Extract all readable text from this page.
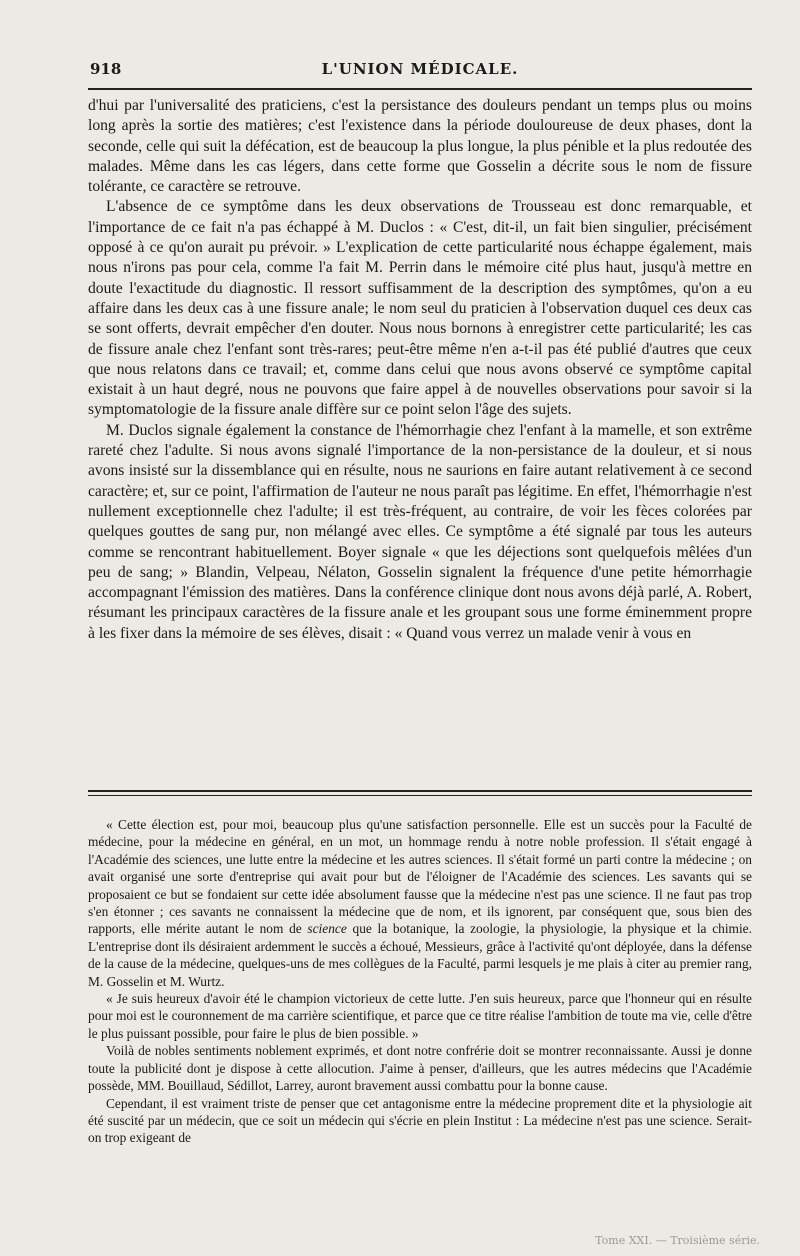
918	L'UNION MÉDICALE.

d'hui par l'universalité des praticiens, c'est la persistance des douleurs pendant un temps plus ou moins long après la sortie des matières; c'est l'existence dans la période douloureuse de deux phases, dont la seconde, celle qui suit la défécation, est de beaucoup la plus longue, la plus pénible et la plus redoutée des malades. Même dans les cas légers, dans cette forme que Gosselin a décrite sous le nom de fissure tolérante, ce caractère se retrouve.

L'absence de ce symptôme dans les deux observations de Trousseau est donc remarquable, et l'importance de ce fait n'a pas échappé à M. Duclos : « C'est, dit-il, un fait bien singulier, précisément opposé à ce qu'on aurait pu prévoir. » L'explication de cette particularité nous échappe également, mais nous n'irons pas pour cela, comme l'a fait M. Perrin dans le mémoire cité plus haut, jusqu'à mettre en doute l'exactitude du diagnostic. Il ressort suffisamment de la description des symptômes, qu'on a eu affaire dans les deux cas à une fissure anale; le nom seul du praticien à l'observation duquel ces deux cas se sont offerts, devrait empêcher d'en douter. Nous nous bornons à enregistrer cette particularité; les cas de fissure anale chez l'enfant sont très-rares; peut-être même n'en a-t-il pas été publié d'autres que ceux que nous relatons dans ce travail; et, comme dans celui que nous avons observé ce symptôme capital existait à un haut degré, nous ne pouvons que faire appel à de nouvelles observations pour savoir si la symptomatologie de la fissure anale diffère sur ce point selon l'âge des sujets.

M. Duclos signale également la constance de l'hémorrhagie chez l'enfant à la mamelle, et son extrême rareté chez l'adulte. Si nous avons signalé l'importance de la non-persistance de la douleur, et si nous avons insisté sur la dissemblance qui en résulte, nous ne saurions en faire autant relativement à ce second caractère; et, sur ce point, l'affirmation de l'auteur ne nous paraît pas légitime. En effet, l'hémorrhagie n'est nullement exceptionnelle chez l'adulte; il est très-fréquent, au contraire, de voir les fèces colorées par quelques gouttes de sang pur, non mélangé avec elles. Ce symptôme a été signalé par tous les auteurs comme se rencontrant habituellement. Boyer signale « que les déjections sont quelquefois mêlées d'un peu de sang; » Blandin, Velpeau, Nélaton, Gosselin signalent la fréquence d'une petite hémorrhagie accompagnant l'émission des matières. Dans la conférence clinique dont nous avons déjà parlé, A. Robert, résumant les principaux caractères de la fissure anale et les groupant sous une forme éminemment propre à les fixer dans la mémoire de ses élèves, disait : « Quand vous verrez un malade venir à vous en

« Cette élection est, pour moi, beaucoup plus qu'une satisfaction personnelle. Elle est un succès pour la Faculté de médecine, pour la médecine en général, en un mot, un hommage rendu à notre noble profession. Il s'était engagé à l'Académie des sciences, une lutte entre la médecine et les autres sciences. Il s'était formé un parti contre la médecine ; on avait organisé une sorte d'entreprise qui avait pour but de l'éloigner de l'Académie des sciences. Les savants qui se proposaient ce but se fondaient sur cette idée absolument fausse que la médecine n'est pas une science. Il ne faut pas trop s'en étonner ; ces savants ne connaissent la médecine que de nom, et ils ignorent, par conséquent que, sous bien des rapports, elle mérite autant le nom de science que la botanique, la zoologie, la physiologie, la physique et la chimie. L'entreprise dont ils désiraient ardemment le succès a échoué, Messieurs, grâce à l'activité qu'ont déployée, dans la défense de la cause de la médecine, quelques-uns de mes collègues de la Faculté, parmi lesquels je me plais à citer au premier rang, M. Gosselin et M. Wurtz.

« Je suis heureux d'avoir été le champion victorieux de cette lutte. J'en suis heureux, parce que l'honneur qui en résulte pour moi est le couronnement de ma carrière scientifique, et parce que ce titre réalise l'ambition de toute ma vie, celle d'être le plus puissant possible, pour faire le plus de bien possible. »

Voilà de nobles sentiments noblement exprimés, et dont notre confrérie doit se montrer reconnaissante. Aussi je donne toute la publicité dont je dispose à cette allocution. J'aime à penser, d'ailleurs, que les autres médecins que l'Académie possède, MM. Bouillaud, Sédillot, Larrey, auront bravement aussi combattu pour la bonne cause.

Cependant, il est vraiment triste de penser que cet antagonisme entre la médecine proprement dite et la physiologie ait été suscité par un médecin, que ce soit un médecin qui s'écrie en plein Institut : La médecine n'est pas une science. Serait-on trop exigeant de

Tome XXI. — Troisième série.
